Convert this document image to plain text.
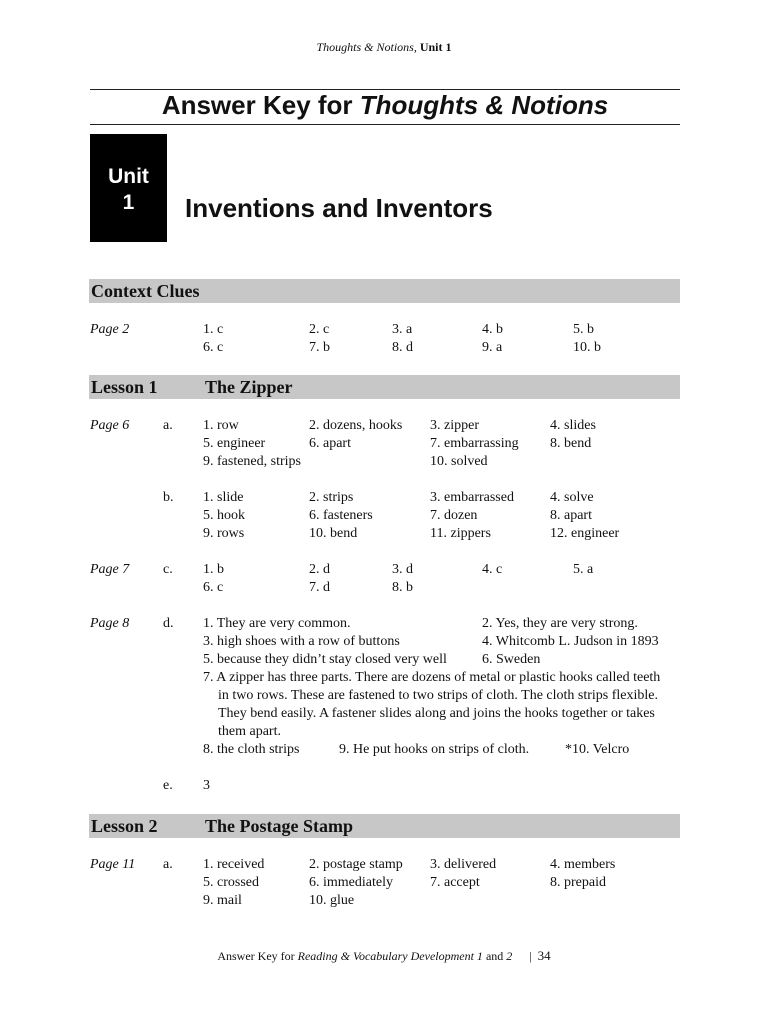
Thoughts & Notions, Unit 1
Answer Key for Thoughts & Notions
Unit
1	Inventions and Inventors
Context Clues
Page 2	1. c	2. c	3. a	4. b	5. b
6. c	7. b	8. d	9. a	10. b
Lesson 1	The Zipper
Page 6 a. 1. row	2. dozens, hooks 3. zipper	4. slides
5. engineer	6. apart	7. embarrassing 8. bend
9. fastened, strips	10. solved
b. 1. slide	2. strips	3. embarrassed	4. solve
5. hook	6. fasteners	7. dozen	8. apart
9. rows	10. bend	11. zippers	12. engineer
Page 7 c. 1. b	2. d	3. d	4. c	5. a
6. c	7. d	8. b
Page 8 d. 1. They are very common.	2. Yes, they are very strong.
3. high shoes with a row of buttons	4. Whitcomb L. Judson in 1893
5. because they didn’t stay closed very well	6. Sweden
7. A zipper has three parts. There are dozens of metal or plastic hooks called teeth
in two rows. These are fastened to two strips of cloth. The cloth strips flexible.
They bend easily. A fastener slides along and joins the hooks together or takes
them apart.
8. the cloth strips	9. He put hooks on strips of cloth.	*10. Velcro
e. 3
Lesson 2	The Postage Stamp
Page 11 a. 1. received	2. postage stamp 3. delivered	4. members
5. crossed	6. immediately	7. accept	8. prepaid
9. mail	10. glue
Answer Key for Reading & Vocabulary Development 1 and 2 | 34
